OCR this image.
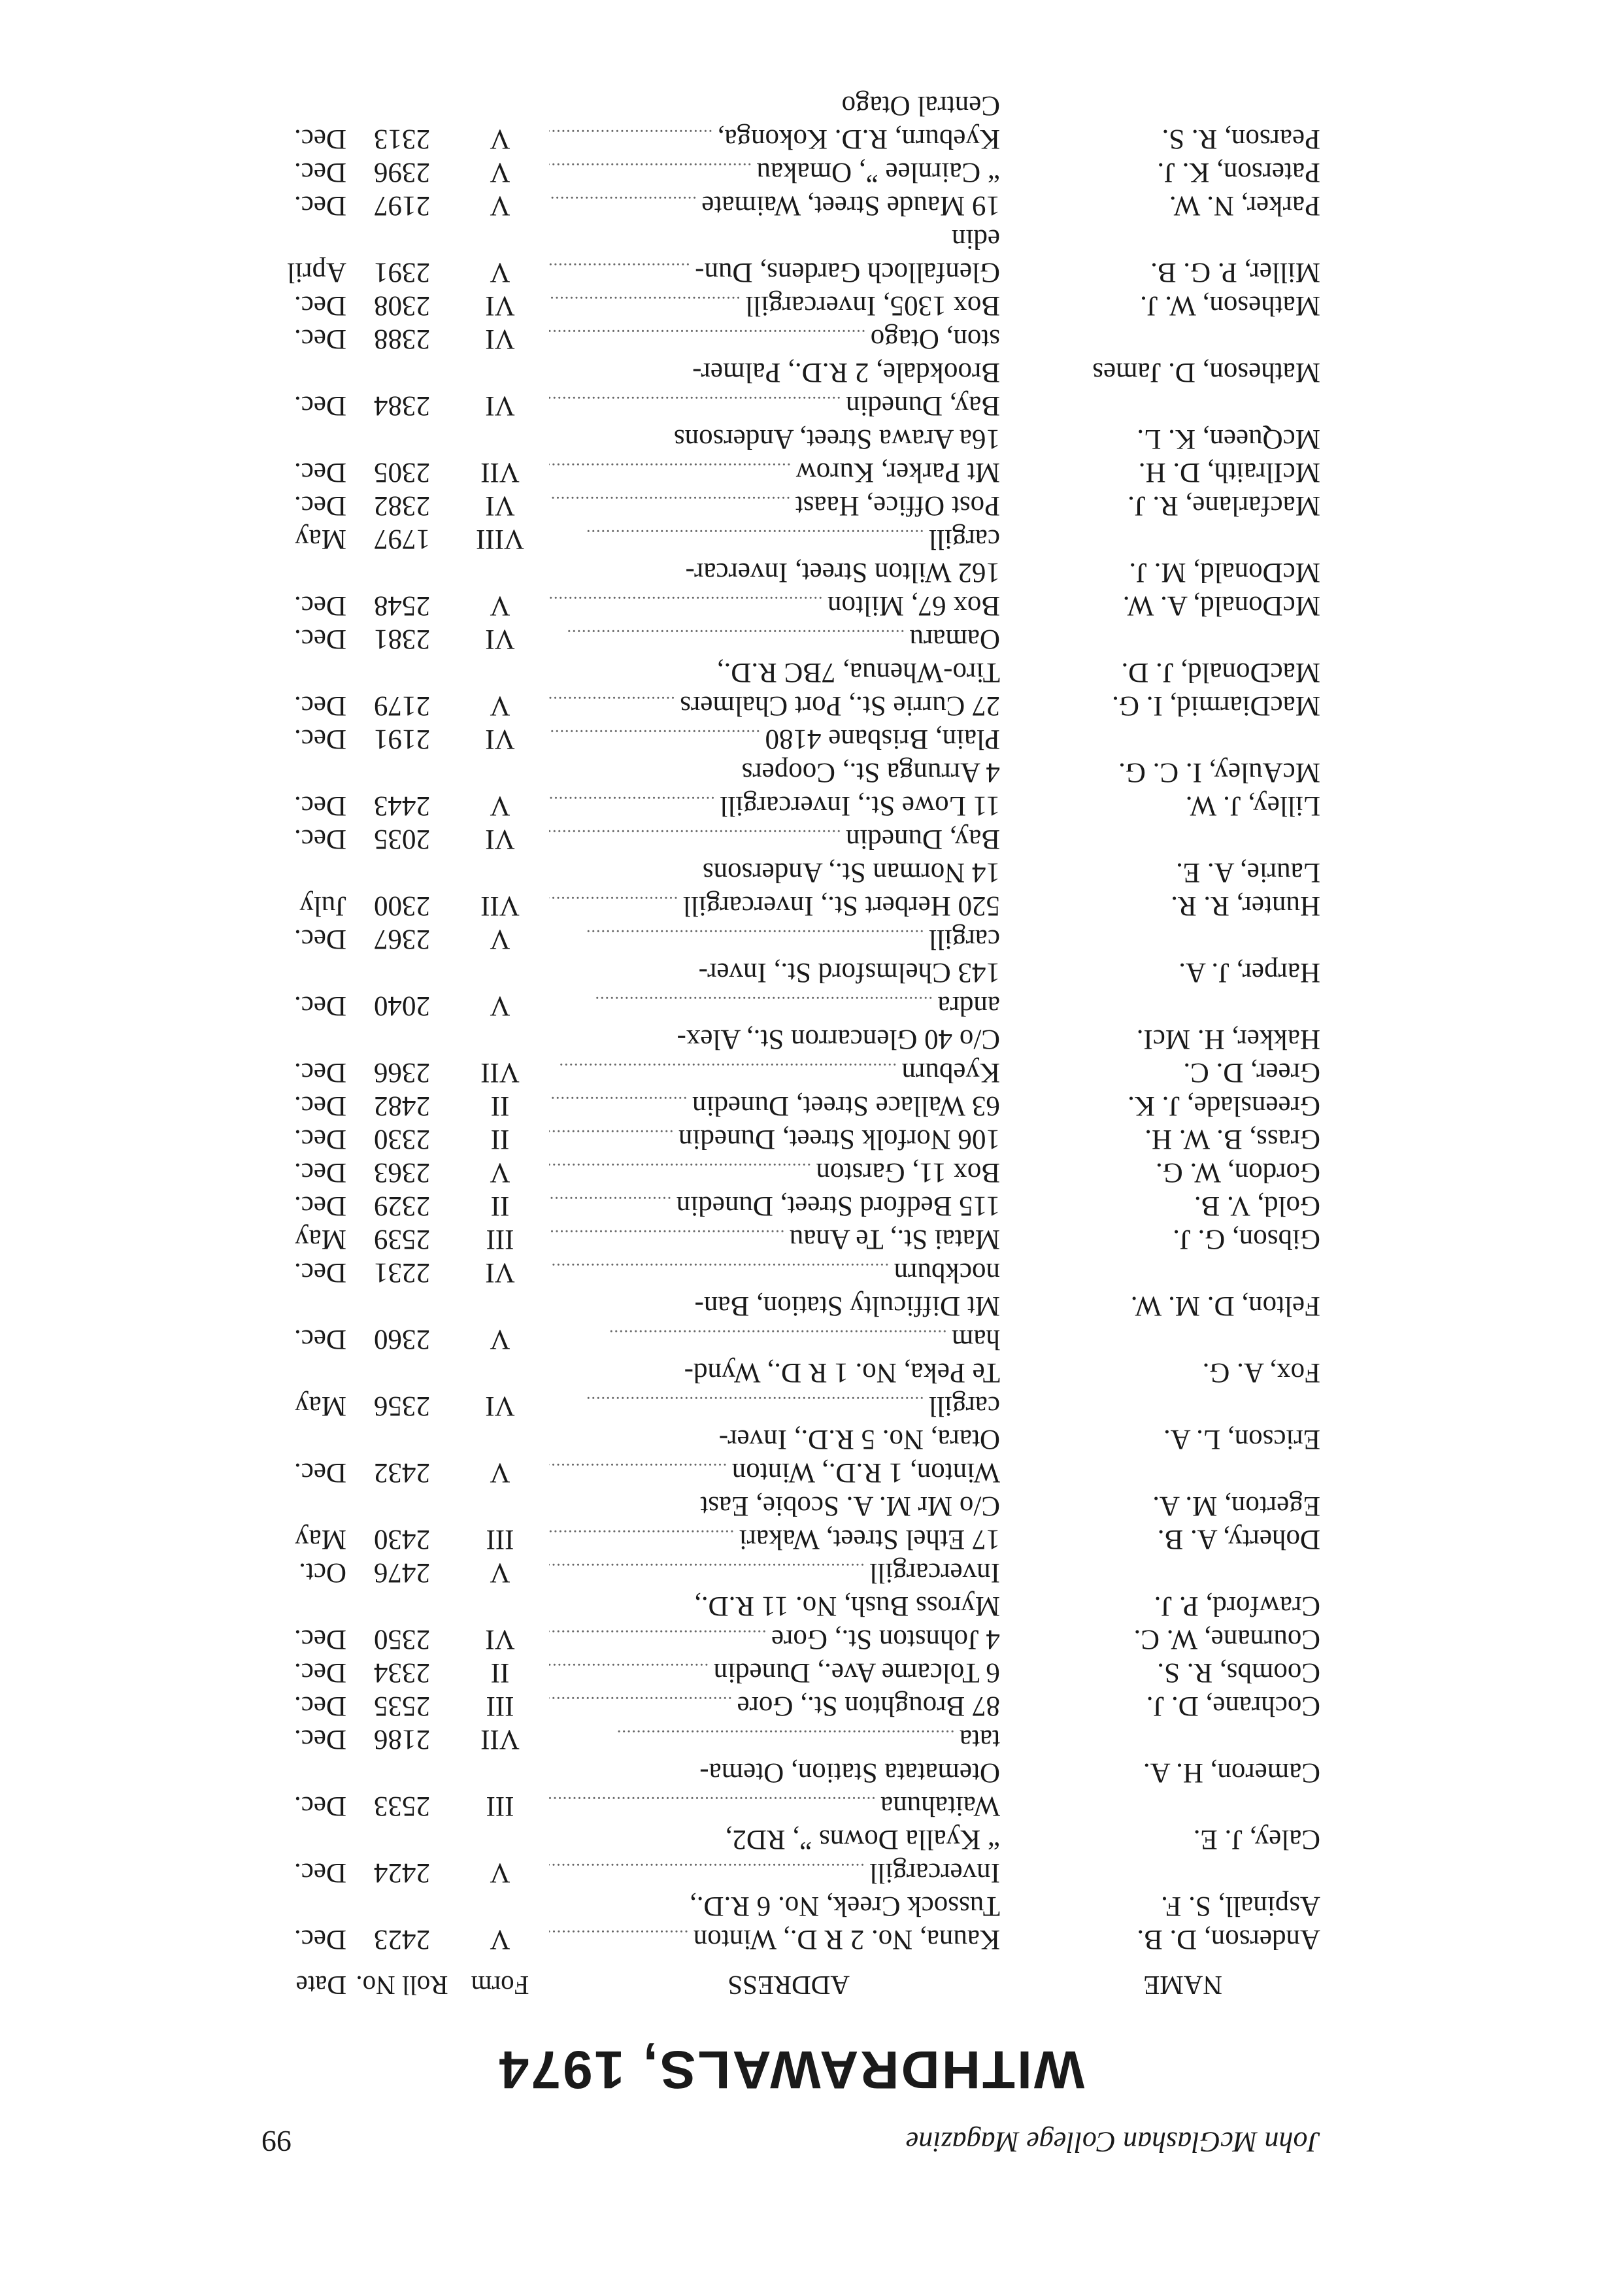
John McGlashan College Magazine
99
WITHDRAWALS, 1974
NAME
ADDRESS
Form
Roll No.
Date
Anderson, D. B.
Kauna, No. 2 R D., Winton .....
V
2423
Dec.
Aspinall, S. F.
Tussock Creek, No. 6 R.D.,
Invercargill .....
V
2424
Dec.
Caley, J. E.
“ Kyalla Downs ”, RD2,
Waitahuna .....
III
2533
Dec.
Cameron, H. A.
Otematata Station, Otema-
tata .....
VII
2186
Dec.
Cochrane, D. J.
87 Broughton St., Gore .....
III
2535
Dec.
Coombs, R. S.
6 Tolcarne Ave., Dunedin .....
II
2334
Dec.
Cournane, W. C.
4 Johnston St., Gore .....
VI
2350
Dec.
Crawford, P. J.
Myross Bush, No. 11 R.D.,
Invercargill .....
V
2476
Oct.
Doherty, A. B.
17 Ethel Street, Wakari .....
III
2430
May
Egerton, M. A.
C/o Mr M. A. Scobie, East
Winton, 1 R.D., Winton .....
V
2432
Dec.
Ericson, L. A.
Otara, No. 5 R.D., Inver-
cargill .....
VI
2356
May
Fox, A. G.
Te Peka, No. 1 R D., Wynd-
ham .....
V
2360
Dec.
Felton, D. M. W.
Mt Difficulty Station, Ban-
nockburn .....
VI
2231
Dec.
Gibson, G. J.
Matai St., Te Anau .....
III
2539
May
Gold, V. B.
115 Bedford Street, Dunedin .....
II
2329
Dec.
Gordon, W. G.
Box 11, Garston .....
V
2363
Dec.
Grass, B. W. H.
106 Norfolk Street, Dunedin .....
II
2330
Dec.
Greenslade, J. K.
63 Wallace Street, Dunedin .....
II
2482
Dec.
Greer, D. C.
Kyeburn .....
VII
2366
Dec.
Hakker, H. McI.
C/o 40 Glencarron St., Alex-
andra .....
V
2040
Dec.
Harper, J. A.
143 Chelmsford St., Inver-
cargill .....
V
2367
Dec.
Hunter, R. R.
520 Herbert St., Invercargill .....
VII
2300
July
Laurie, A. E.
14 Norman St., Andersons
Bay, Dunedin .....
VI
2035
Dec.
Lilley, J. W.
11 Lowe St., Invercargill .....
V
2443
Dec.
McAuley, I. C. G.
4 Arrunga St., Coopers
Plain, Brisbane 4180 .....
VI
2191
Dec.
MacDiarmid, I. G.
27 Currie St., Port Chalmers .....
V
2179
Dec.
MacDonald, J. D.
Tiro-Whenua, 7BC R.D.,
Oamaru .....
VI
2381
Dec.
McDonald, A. W.
Box 67, Milton .....
V
2548
Dec.
McDonald, M. J.
162 Wilton Street, Invercar-
cargill .....
VIII
1797
May
Macfarlane, R. J.
Post Office, Haast .....
VI
2382
Dec.
McIlraith, D. H.
Mt Parker, Kurow .....
VII
2305
Dec.
McQueen, K. L.
16a Arawa Street, Andersons
Bay, Dunedin .....
VI
2384
Dec.
Matheson, D. James
Brookdale, 2 R.D., Palmer-
ston, Otago .....
VI
2388
Dec.
Matheson, W. J.
Box 1305, Invercargill .....
VI
2308
Dec.
Miller, P. G. B.
Glenfalloch Gardens, Dun- .....
V
2391
April
edin
Parker, N. W.
19 Maude Street, Waimate .....
V
2197
Dec.
Paterson, K. J.
“ Cairnlee ”, Omakau .....
V
2396
Dec.
Pearson, R. S.
Kyeburn, R.D. Kokonga, .....
V
2313
Dec.
Central Otago
